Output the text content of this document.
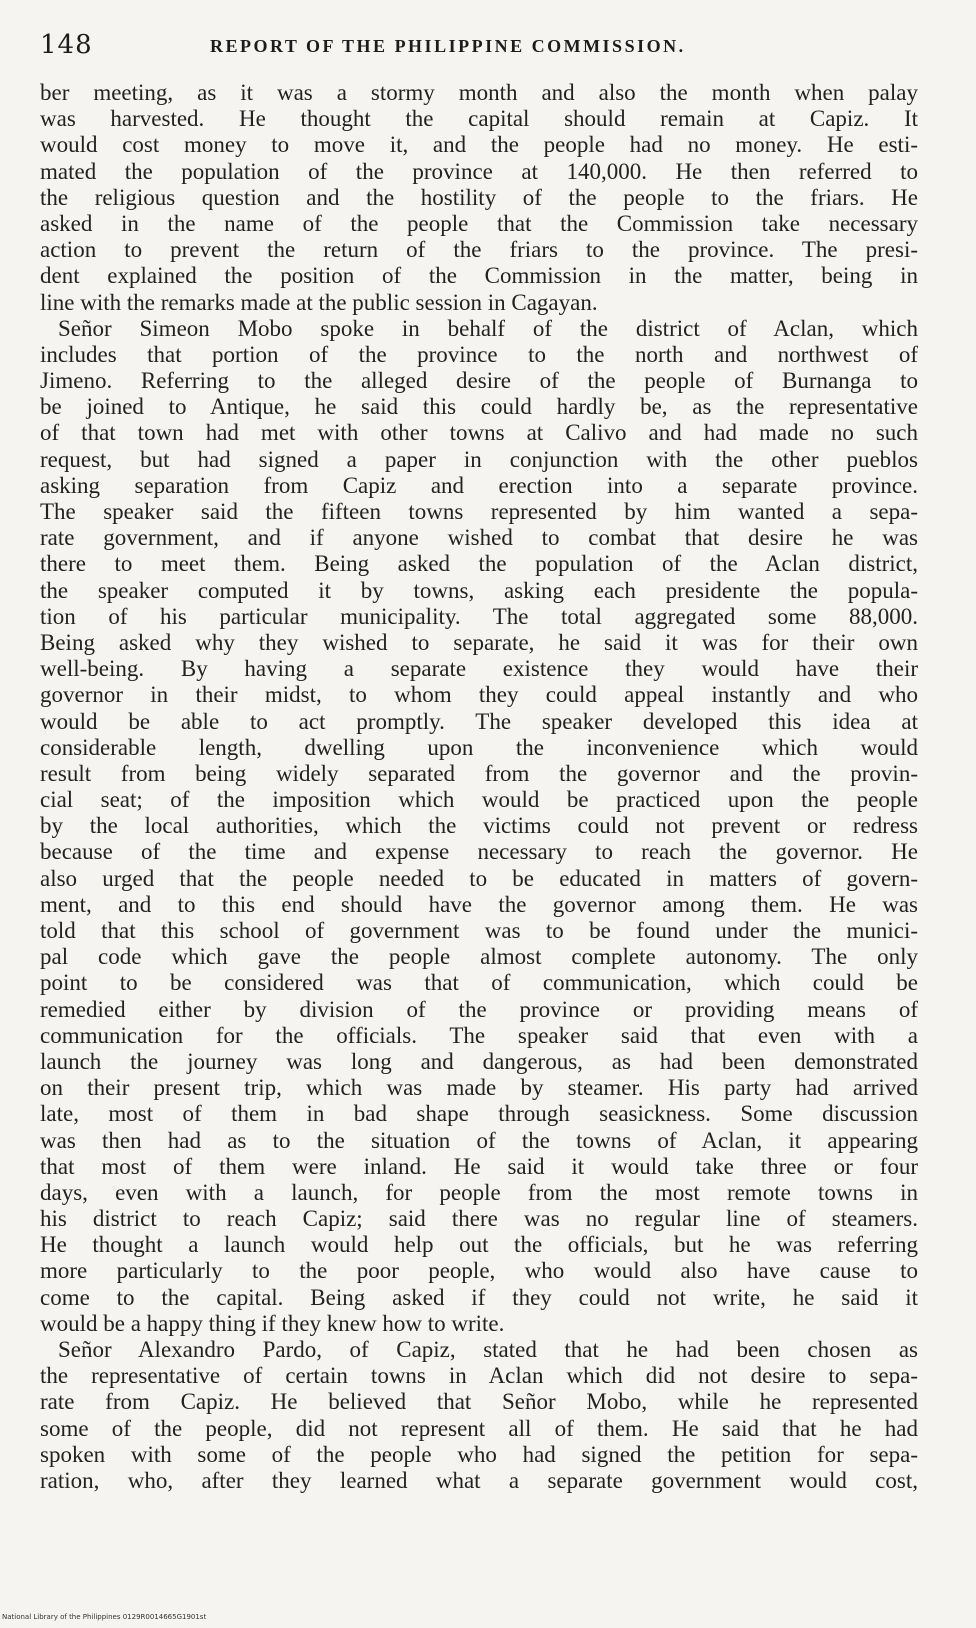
148	REPORT OF THE PHILIPPINE COMMISSION.
ber meeting, as it was a stormy month and also the month when palay
was harvested. He thought the capital should remain at Capiz. It
would cost money to move it, and the people had no money. He esti-
mated the population of the province at 140,000. He then referred to
the religious question and the hostility of the people to the friars. He
asked in the name of the people that the Commission take necessary
action to prevent the return of the friars to the province. The presi-
dent explained the position of the Commission in the matter, being in
line with the remarks made at the public session in Cagayan.
Señor Simeon Mobo spoke in behalf of the district of Aclan, which
includes that portion of the province to the north and northwest of
Jimeno. Referring to the alleged desire of the people of Burnanga to
be joined to Antique, he said this could hardly be, as the representative
of that town had met with other towns at Calivo and had made no such
request, but had signed a paper in conjunction with the other pueblos
asking separation from Capiz and erection into a separate province.
The speaker said the fifteen towns represented by him wanted a sepa-
rate government, and if anyone wished to combat that desire he was
there to meet them. Being asked the population of the Aclan district,
the speaker computed it by towns, asking each presidente the popula-
tion of his particular municipality. The total aggregated some 88,000.
Being asked why they wished to separate, he said it was for their own
well-being. By having a separate existence they would have their
governor in their midst, to whom they could appeal instantly and who
would be able to act promptly. The speaker developed this idea at
considerable length, dwelling upon the inconvenience which would
result from being widely separated from the governor and the provin-
cial seat; of the imposition which would be practiced upon the people
by the local authorities, which the victims could not prevent or redress
because of the time and expense necessary to reach the governor. He
also urged that the people needed to be educated in matters of govern-
ment, and to this end should have the governor among them. He was
told that this school of government was to be found under the munici-
pal code which gave the people almost complete autonomy. The only
point to be considered was that of communication, which could be
remedied either by division of the province or providing means of
communication for the officials. The speaker said that even with a
launch the journey was long and dangerous, as had been demonstrated
on their present trip, which was made by steamer. His party had arrived
late, most of them in bad shape through seasickness. Some discussion
was then had as to the situation of the towns of Aclan, it appearing
that most of them were inland. He said it would take three or four
days, even with a launch, for people from the most remote towns in
his district to reach Capiz; said there was no regular line of steamers.
He thought a launch would help out the officials, but he was referring
more particularly to the poor people, who would also have cause to
come to the capital. Being asked if they could not write, he said it
would be a happy thing if they knew how to write.
Señor Alexandro Pardo, of Capiz, stated that he had been chosen as
the representative of certain towns in Aclan which did not desire to sepa-
rate from Capiz. He believed that Señor Mobo, while he represented
some of the people, did not represent all of them. He said that he had
spoken with some of the people who had signed the petition for sepa-
ration, who, after they learned what a separate government would cost,
National Library of the Philippines 0129R0014665G1901st
